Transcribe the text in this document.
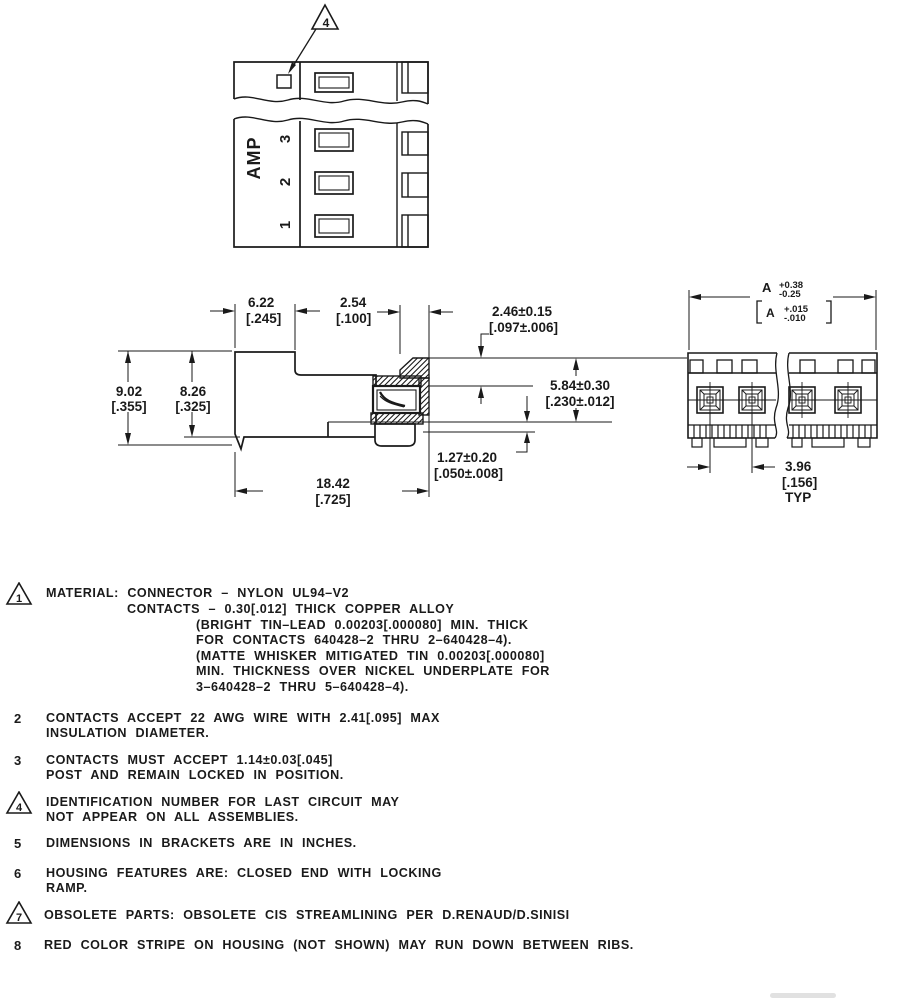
4
AMP 3
2
1
6.22
[.245]
2.54
[.100]	2.46±0.15
[.097±.006]
9.02
[.355]
8.26
[.325]
5.84±0.30
[.230±.012]
1.27±0.20
[.050±.008]
18.42
[.725]
A +0.38
-0.25
A +.015
-.010
3.96
[.156]
TYP
1 MATERIAL: CONNECTOR – NYLON UL94–V2
CONTACTS – 0.30[.012] THICK COPPER ALLOY
(BRIGHT TIN–LEAD 0.00203[.000080] MIN. THICK
FOR CONTACTS 640428–2 THRU 2–640428–4).
(MATTE WHISKER MITIGATED TIN 0.00203[.000080]
MIN. THICKNESS OVER NICKEL UNDERPLATE FOR
3–640428–2 THRU 5–640428–4).
2 CONTACTS ACCEPT 22 AWG WIRE WITH 2.41[.095] MAX
INSULATION DIAMETER.
3 CONTACTS MUST ACCEPT 1.14±0.03[.045]
POST AND REMAIN LOCKED IN POSITION.
4 IDENTIFICATION NUMBER FOR LAST CIRCUIT MAY
NOT APPEAR ON ALL ASSEMBLIES.
5 DIMENSIONS IN BRACKETS ARE IN INCHES.
6 HOUSING FEATURES ARE: CLOSED END WITH LOCKING
RAMP.
7 OBSOLETE PARTS: OBSOLETE CIS STREAMLINING PER D.RENAUD/D.SINISI
8 RED COLOR STRIPE ON HOUSING (NOT SHOWN) MAY RUN DOWN BETWEEN RIBS.
